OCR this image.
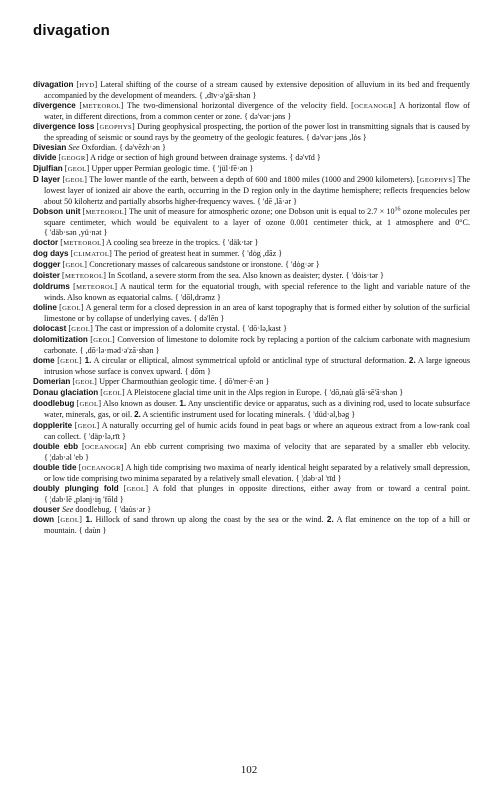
divagation

divagation [ HYD ] Lateral shifting of the course of a stream caused by extensive deposition of alluvium in its bed and frequently accompanied by the development of meanders. { ,dīv·ə'gā·shən }

divergence [ METEOROL ] The two-dimensional horizontal divergence of the velocity field. [ OCEANOGR ] A horizontal flow of water, in different directions, from a common center or zone. { də'vər·jəns }

divergence loss [ GEOPHYS ] During geophysical prospecting, the portion of the power lost in transmitting signals that is caused by the spreading of seismic or sound rays by the geometry of the geologic features. { də'vər·jəns ,lȯs }

Divesian See Oxfordian. { də'vēzh·ən }

divide [ GEOGR ] A ridge or section of high ground between drainage systems. { də'vīd }

Djulfian [ GEOL ] Upper upper Permian geologic time. { 'jül·fē·ən }

D layer [ GEOL ] The lower mantle of the earth, between a depth of 600 and 1800 miles (1000 and 2900 kilometers). [ GEOPHYS ] The lowest layer of ionized air above the earth, occurring in the D region only in the daytime hemisphere; reflects frequencies below about 50 kilohertz and partially absorbs higher-frequency waves. { 'dē ,lā·ər }

Dobson unit [ METEOROL ] The unit of measure for atmospheric ozone; one Dobson unit is equal to $2.7 \times 10^{16}$ ozone molecules per square centimeter, which would be equivalent to a layer of ozone 0.001 centimeter thick, at 1 atmosphere and 0°C. { 'däb·sən ,yü·nət }

doctor [ METEOROL ] A cooling sea breeze in the tropics. { 'däk·tər }

dog days [ CLIMATOL ] The period of greatest heat in summer. { 'dȯg ,dāz }

dogger [ GEOL ] Concretionary masses of calcareous sandstone or ironstone. { 'dȯg·ər }

doister [ METEOROL ] In Scotland, a severe storm from the sea. Also known as deaister; dyster. { 'dȯis·tər }

doldrums [ METEOROL ] A nautical term for the equatorial trough, with special reference to the light and variable nature of the winds. Also known as equatorial calms. { 'dōl,drəmz }

doline [ GEOL ] A general term for a closed depression in an area of karst topography that is formed either by solution of the surficial limestone or by collapse of underlying caves. { də'lēn }

dolocast [ GEOL ] The cast or impression of a dolomite crystal. { 'dō·lə,kast }

dolomitization [ GEOL ] Conversion of limestone to dolomite rock by replacing a portion of the calcium carbonate with magnesium carbonate. { ,dō·lə·məd·ə'zā·shən }

dome [ GEOL ] 1. A circular or elliptical, almost symmetrical upfold or anticlinal type of structural deformation. 2. A large igneous intrusion whose surface is convex upward. { dōm }

Domerian [ GEOL ] Upper Charmouthian geologic time. { dō'mer·ē·ən }

Donau glaciation [ GEOL ] A Pleistocene glacial time unit in the Alps region in Europe. { 'dō,naù glā·sē'ā·shən }

doodlebug [ GEOL ] Also known as douser. 1. Any unscientific device or apparatus, such as a divining rod, used to locate subsurface water, minerals, gas, or oil. 2. A scientific instrument used for locating minerals. { 'düd·əl,bəg }

dopplerite [ GEOL ] A naturally occurring gel of humic acids found in peat bags or where an aqueous extract from a low-rank coal can collect. { 'däp·lə,rīt }

double ebb [ OCEANOGR ] An ebb current comprising two maxima of velocity that are separated by a smaller ebb velocity. { ¦dəb·əl 'eb }

double tide [ OCEANOGR ] A high tide comprising two maxima of nearly identical height separated by a relatively small depression, or low tide comprising two minima separated by a relatively small elevation. { ¦dəb·əl 'tīd }

doubly plunging fold [ GEOL ] A fold that plunges in opposite directions, either away from or toward a central point. { ¦dəb·lē ,plənj·iŋ 'fōld }

douser See doodlebug. { 'daùs·ər }

down [ GEOL ] 1. Hillock of sand thrown up along the coast by the sea or the wind. 2. A flat eminence on the top of a hill or mountain. { daùn }

102
